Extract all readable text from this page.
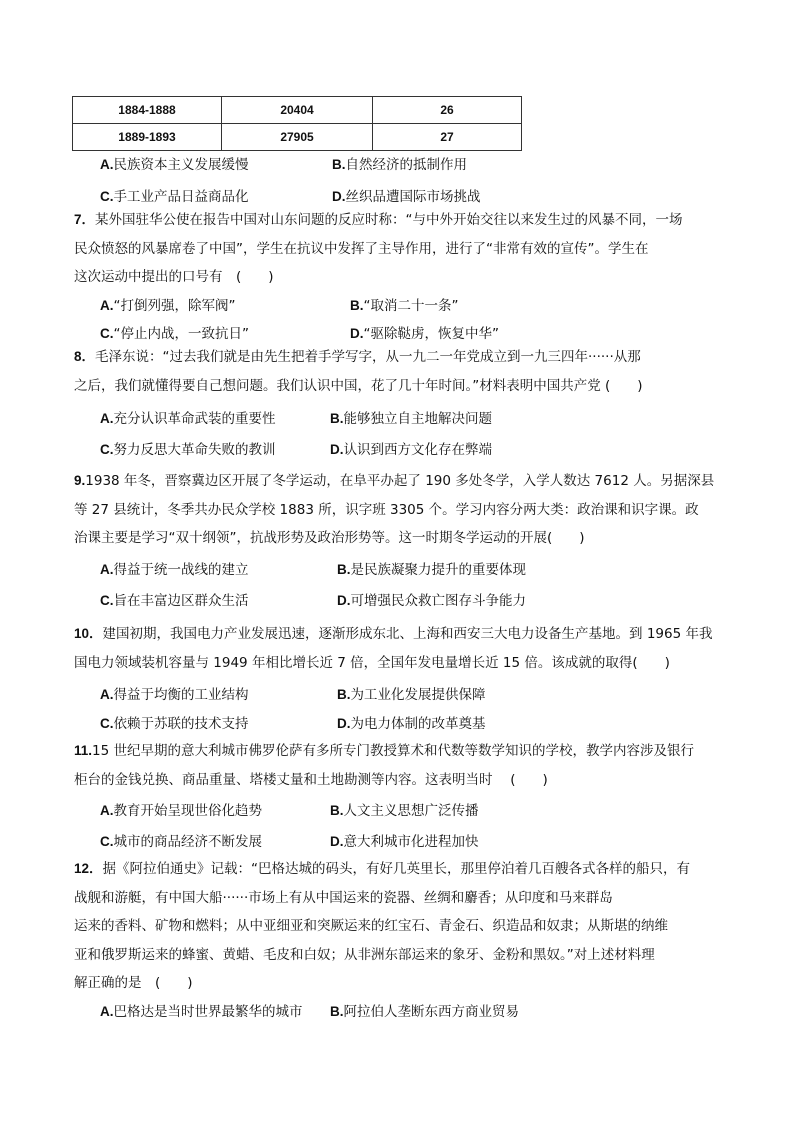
1884-1888	20404	26
1889-1893	27905	27
A.民族资本主义发展缓慢	B.自然经济的抵制作用
C.手工业产品日益商品化	D.丝织品遭国际市场挑战
7．某外国驻华公使在报告中国对山东问题的反应时称：“与中外开始交往以来发生过的风暴不同，一场
民众愤怒的风暴席卷了中国”，学生在抗议中发挥了主导作用，进行了“非常有效的宣传”。学生在
这次运动中提出的口号有　(　　)
A.“打倒列强，除军阀”	B.“取消二十一条”
C.“停止内战，一致抗日”	D.“驱除鞑虏，恢复中华”
8．毛泽东说：“过去我们就是由先生把着手学写字，从一九二一年党成立到一九三四年······从那
之后，我们就懂得要自己想问题。我们认识中国，花了几十年时间。”材料表明中国共产党 (　　)
A.充分认识革命武装的重要性	B.能够独立自主地解决问题
C.努力反思大革命失败的教训	D.认识到西方文化存在弊端
9.1938 年冬，晋察冀边区开展了冬学运动，在阜平办起了 190 多处冬学，入学人数达 7612 人。另据深县
等 27 县统计，冬季共办民众学校 1883 所，识字班 3305 个。学习内容分两大类：政治课和识字课。政
治课主要是学习“双十纲领”，抗战形势及政治形势等。这一时期冬学运动的开展(　　)
A.得益于统一战线的建立	B.是民族凝聚力提升的重要体现
C.旨在丰富边区群众生活	D.可增强民众救亡图存斗争能力
10．建国初期，我国电力产业发展迅速，逐渐形成东北、上海和西安三大电力设备生产基地。到 1965 年我
国电力领域装机容量与 1949 年相比增长近 7 倍，全国年发电量增长近 15 倍。该成就的取得(　　)
A.得益于均衡的工业结构	B.为工业化发展提供保障
C.依赖于苏联的技术支持	D.为电力体制的改革奠基
11.15 世纪早期的意大利城市佛罗伦萨有多所专门教授算术和代数等数学知识的学校，教学内容涉及银行
柜台的金钱兑换、商品重量、塔楼丈量和土地勘测等内容。这表明当时　 (　　)
A.教育开始呈现世俗化趋势	B.人文主义思想广泛传播
C.城市的商品经济不断发展	D.意大利城市化进程加快
12．据《阿拉伯通史》记载：“巴格达城的码头，有好几英里长，那里停泊着几百艘各式各样的船只，有
战舰和游艇，有中国大船······市场上有从中国运来的瓷器、丝绸和麝香；从印度和马来群岛
运来的香料、矿物和燃料；从中亚细亚和突厥运来的红宝石、青金石、织造品和奴隶；从斯堪的纳维
亚和俄罗斯运来的蜂蜜、黄蜡、毛皮和白奴；从非洲东部运来的象牙、金粉和黑奴。”对上述材料理
解正确的是　(　　)
A.巴格达是当时世界最繁华的城市 B.阿拉伯人垄断东西方商业贸易
